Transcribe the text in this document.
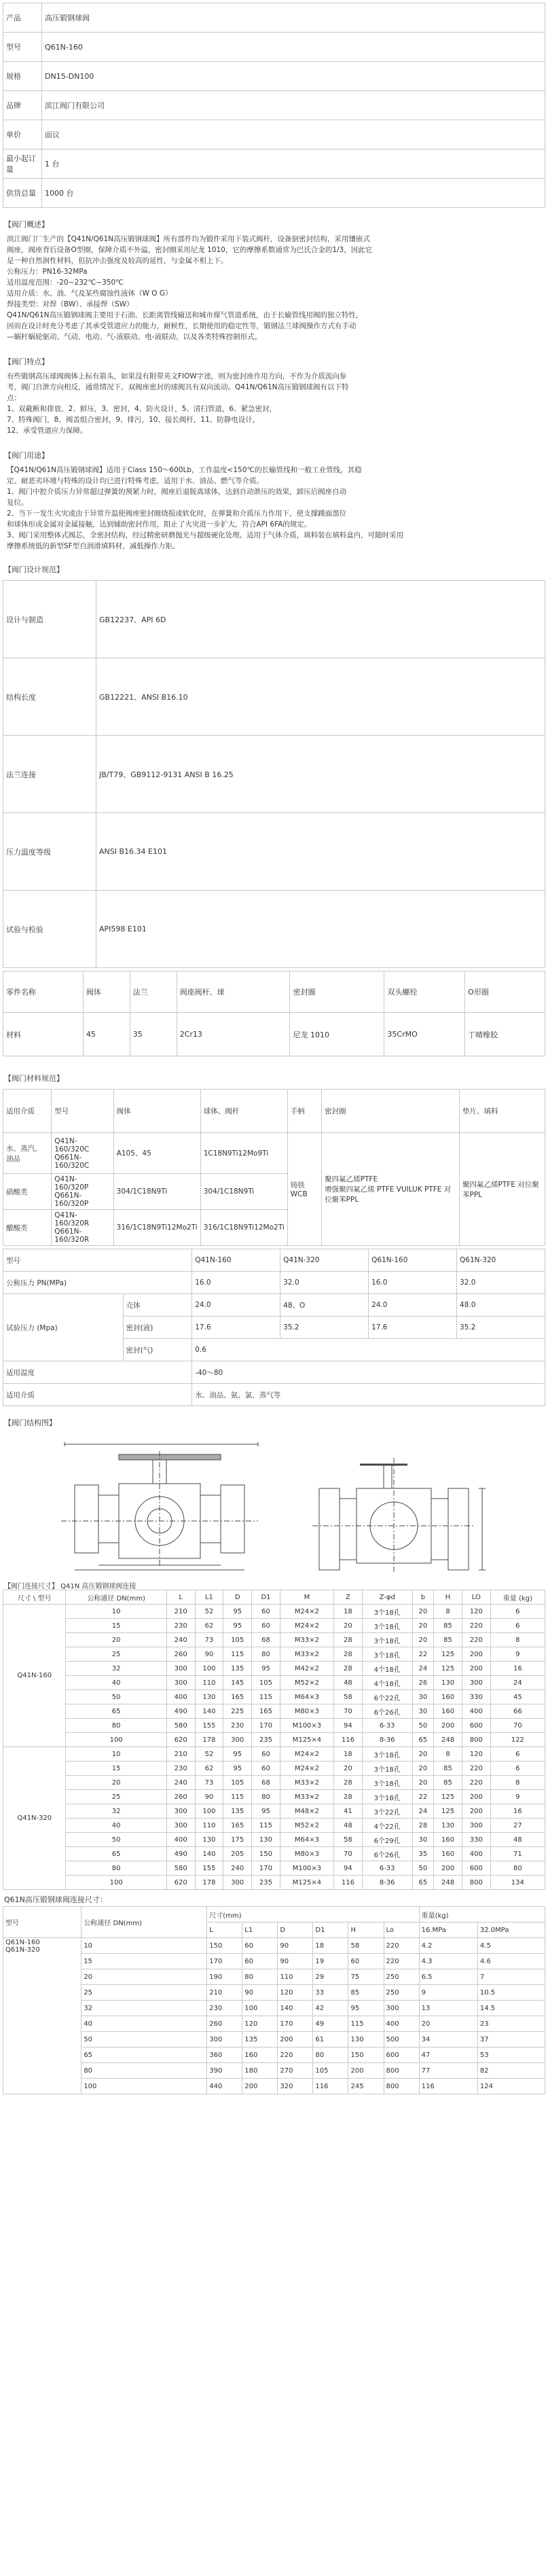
产品	高压锻钢球阀
型号	Q61N-160
规格	DN15-DN100
品牌	滨江阀门有限公司
单价	面议
最小起订量	1 台
供货总量	1000 台
【阀门概述】

滨江阀门厂生产的【Q41N/Q61N高压锻钢球阀】所有部件均为锻件采用下装式阀杆，设备倒密封结构，采用镶嵌式

阀座，阀座背后设备O型圈，保障介质不外溢，密封圈采用尼龙 1010，它的摩擦系数通常为巴氏合金的1/3，因此它

是一种自然润性材料，但抗冲击强度及较高的延性，与金属不相上下。

公称压力：PN16-32MPa

适用温度范围：-20~232℃~350℃

适用介质：水、油、气及某些腐蚀性液体（W O G）

焊接类型：对焊（BW）、承接焊（SW）

Q41N/Q61N高压锻钢球阀主要用于石油、长距离管线输送和城市煤气管道系统，由于长输管线用阀的独立特性，

因而在设计时充分考虑了其承受管道应力的能力，耐候性，长期使用的稳定性等，锻钢法兰球阀操作方式有手动

—蜗杆蜗轮驱动、气动、电动、气-液联动、电-液联动，以及各类特殊控制形式。

【阀门特点】

有些锻钢高压球阀阀体上标有箭头，如果没有附带英文FIOW字迹，则为密封座作用方向，不作为介质流向参

考，阀门自泄方向相反，通常情况下，双阀座密封的球阀具有双向流动。Q41N/Q61N高压锻钢球阀有以下特

点：

1、双截断和排放，2、鲜压，3、密封，4、防火设计，5、清扫管道，6、紧急密封，

7、特殊阀门，8、阀盖组合密封，9、排污，10、接长阀杆，11、防静电设计，

12、承受管道应力保障。

【阀门用途】

【Q41N/Q61N高压锻钢球阀】适用于Class 150～600Lb，工作温度<150℃的长输管线和一般工业管线，其稳

定、耐恶劣环境与特殊的设计均已进行特殊考虑，适用于水、油品、燃气等介质。

1、阀门中腔介质压力异常超过弹簧的预紧力时，阀座后退脱离球体，达到自动泄压的效果，卸压后阀座自动

复位。

2、当下一发生火灾或由于异常升温使阀座密封圈烧损或软化时，在弹簧和介质压力作用下，使支撑踵面部位

和球体形成金属对金属接触，达到辅助密封作用，阻止了火灾进一步扩大，符合API 6FA的规定。

3、阀门采用整体式阀芯，全密封结构，经过精密研磨抛光与超级硬化处理。适用于气体介质，填料装在填料盒内，可随时采用

摩擦系统低的新型SF型自润滑填料材，减低操作力矩。

【阀门设计规范】
设计与制造	GB12237、API 6D
结构长度	GB12221、ANSI B16.10
法兰连接	JB/T79、GB9112-9131 ANSI B 16.25
压力温度等级	ANSI B16.34 E101
试验与检验	API598 E101
零件名称	阀体	法兰	阀座阀杆、球	密封圈	双头螺栓	O形圈
材料	45	35	2Cr13	尼龙 1010	35CrMO	丁晴橡胶
【阀门材料规范】
适用介质	型号	阀体	球体、阀杆	手柄	密封圈	垫片、填料
水、蒸汽、油品	Q41N-160/320C
Q661N-160/320C	A105、45	1C18N9Ti12Mo9Ti	铸铁WCB	聚四氟乙烯PTFE
增强聚四氟乙烯 PTFE VUILUK PTFE 对位聚苯PPL	聚四氟乙烯PTFE 对位聚苯PPL
硝酸类	Q41N-160/320P
Q661N-160/320P	304/1C18N9Ti	304/1C18N9Ti			
醋酸类	Q41N-160/320R
Q661N-160/320R	316/1C18N9Ti12Mo2Ti	316/1C18N9Ti12Mo2Ti			
型号		Q41N-160	Q41N-320	Q61N-160	Q61N-320
公称压力 PN(MPa)		16.0	32.0	16.0	32.0
试验压力 (Mpa)	壳体	24.0	48、O	24.0	48.0
	密封(液)	17.6	35.2	17.6	35.2
	密封(气)	0.6			
适用温度		-40～80			
适用介质		水、油品、氨、氯、蒸气等			
【阀门结构图】
【阀门连接尺寸】 Q41N 高压锻钢球阀连接
尺寸 \ 型号	公称通径 DN(mm)	L	L1	D	D1	M	Z	Z-φd	b	H	LO	重量 (kg)
Q41N-160	10	210	52	95	60	M24×2	18	3个18孔	20	8	120	6
	15	230	62	95	60	M24×2	20	3个18孔	20	85	220	6
	20	240	73	105	68	M33×2	28	3个18孔	20	85	220	8
	25	260	90	115	80	M33×2	28	3个18孔	22	125	200	9
	32	300	100	135	95	M42×2	28	4个18孔	24	125	200	16
	40	300	110	145	105	M52×2	48	4个18孔	26	130	300	24
	50	400	130	165	115	M64×3	58	6个22孔	30	160	330	45
	65	490	140	225	165	M80×3	70	6个26孔	30	160	400	66
	80	580	155	230	170	M100×3	94	6-33	50	200	600	70
	100	620	178	300	235	M125×4	116	8-36	65	248	800	122
Q41N-320	10	210	52	95	60	M24×2	18	3个18孔	20	8	120	6
	15	230	62	95	60	M24×2	20	3个18孔	20	85	220	6
	20	240	73	105	68	M33×2	28	3个18孔	20	85	220	8
	25	260	90	115	80	M33×2	28	3个18孔	22	125	200	9
	32	300	100	135	95	M48×2	41	3个22孔	24	125	200	16
	40	300	110	165	115	M52×2	48	4个22孔	28	130	300	27
	50	400	130	175	130	M64×3	58	6个29孔	30	160	330	48
	65	490	140	205	150	M80×3	70	6个26孔	35	160	400	71
	80	580	155	240	170	M100×3	94	6-33	50	200	600	80
	100	620	178	300	235	M125×4	116	8-36	65	248	800	134
Q61N高压锻钢球阀连接尺寸：
型号	公称通径 DN(mm)	尺寸(mm)						重量(kg)	
		L	L1	D	D1	H	Lo	16.MPa	32.0MPa
Q61N-160
Q61N-320	10	150	60	90	18	58	220	4.2	4.5
	15	170	60	90	19	60	220	4.3	4.6
	20	190	80	110	29	75	250	6.5	7
	25	210	90	120	33	85	250	9	10.5
	32	230	100	140	42	95	300	13	14.5
	40	260	120	170	49	115	400	20	23
	50	300	135	200	61	130	500	34	37
	65	360	160	220	80	150	600	47	53
	80	390	180	270	105	200	800	77	82
	100	440	200	320	116	245	800	116	124
